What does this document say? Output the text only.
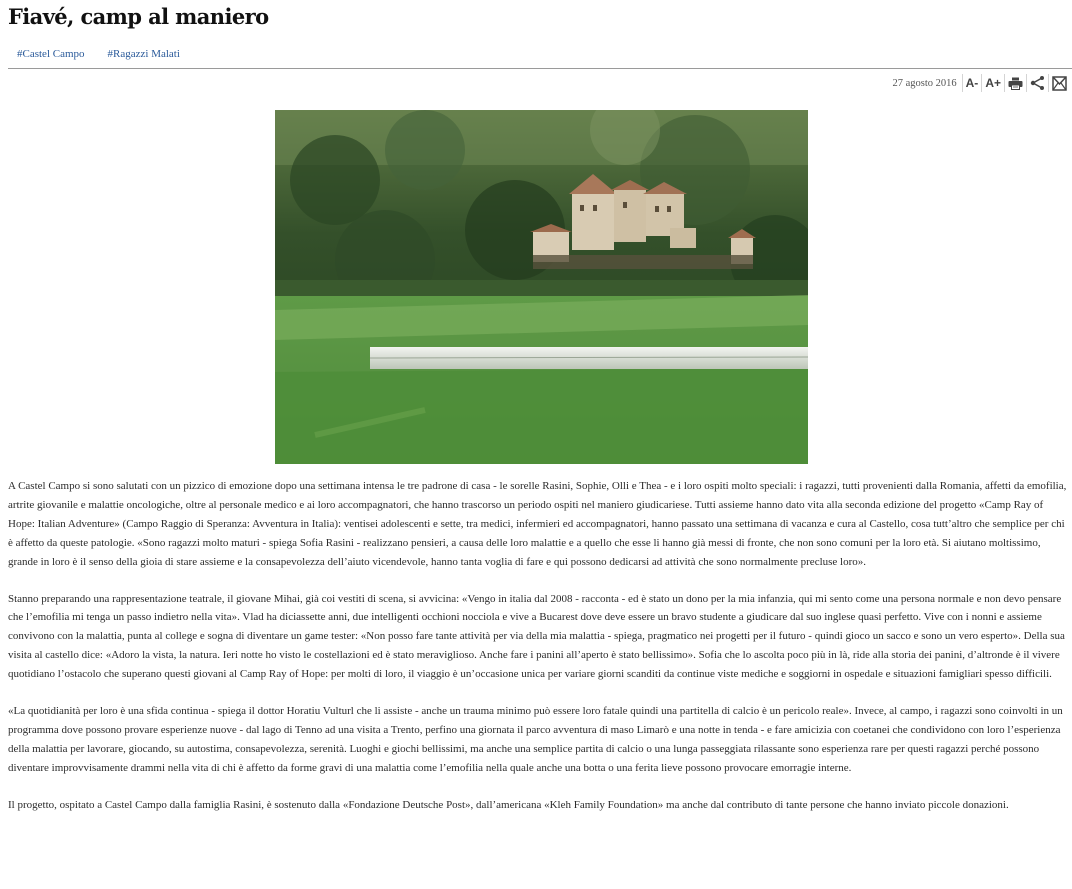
Fiavé, camp al maniero
#Castel Campo #Ragazzi Malati
27 agosto 2016 A- A+

A Castel Campo si sono salutati con un pizzico di emozione dopo una settimana intensa le tre padrone di casa - le sorelle Rasini, Sophie, Olli e Thea - e i loro ospiti molto speciali: i ragazzi, tutti provenienti dalla Romania, affetti da emofilia, artrite giovanile e malattie oncologiche, oltre al personale medico e ai loro accompagnatori, che hanno trascorso un periodo ospiti nel maniero giudicariese. Tutti assieme hanno dato vita alla seconda edizione del progetto «Camp Ray of Hope: Italian Adventure» (Campo Raggio di Speranza: Avventura in Italia): ventisei adolescenti e sette, tra medici, infermieri ed accompagnatori, hanno passato una settimana di vacanza e cura al Castello, cosa tutt’altro che semplice per chi è affetto da queste patologie. «Sono ragazzi molto maturi - spiega Sofia Rasini - realizzano pensieri, a causa delle loro malattie e a quello che esse li hanno già messi di fronte, che non sono comuni per la loro età. Si aiutano moltissimo, grande in loro è il senso della gioia di stare assieme e la consapevolezza dell’aiuto vicendevole, hanno tanta voglia di fare e qui possono dedicarsi ad attività che sono normalmente precluse loro».

Stanno preparando una rappresentazione teatrale, il giovane Mihai, già coi vestiti di scena, si avvicina: «Vengo in italia dal 2008 - racconta - ed è stato un dono per la mia infanzia, qui mi sento come una persona normale e non devo pensare che l’emofilia mi tenga un passo indietro nella vita». Vlad ha diciassette anni, due intelligenti occhioni nocciola e vive a Bucarest dove deve essere un bravo studente a giudicare dal suo inglese quasi perfetto. Vive con i nonni e assieme convivono con la malattia, punta al college e sogna di diventare un game tester: «Non posso fare tante attività per via della mia malattia - spiega, pragmatico nei progetti per il futuro - quindi gioco un sacco e sono un vero esperto». Della sua visita al castello dice: «Adoro la vista, la natura. Ieri notte ho visto le costellazioni ed è stato meraviglioso. Anche fare i panini all’aperto è stato bellissimo». Sofia che lo ascolta poco più in là, ride alla storia dei panini, d’altronde è il vivere quotidiano l’ostacolo che superano questi giovani al Camp Ray of Hope: per molti di loro, il viaggio è un’occasione unica per variare giorni scanditi da continue viste mediche e soggiorni in ospedale e situazioni famigliari spesso difficili.

«La quotidianità per loro è una sfida continua - spiega il dottor Horatiu Vulturl che li assiste - anche un trauma minimo può essere loro fatale quindi una partitella di calcio è un pericolo reale». Invece, al campo, i ragazzi sono coinvolti in un programma dove possono provare esperienze nuove - dal lago di Tenno ad una visita a Trento, perfino una giornata il parco avventura di maso Limarò e una notte in tenda - e fare amicizia con coetanei che condividono con loro l’esperienza della malattia per lavorare, giocando, su autostima, consapevolezza, serenità. Luoghi e giochi bellissimi, ma anche una semplice partita di calcio o una lunga passeggiata rilassante sono esperienza rare per questi ragazzi perché possono diventare improvvisamente drammi nella vita di chi è affetto da forme gravi di una malattia come l’emofilia nella quale anche una botta o una ferita lieve possono provocare emorragie interne.

Il progetto, ospitato a Castel Campo dalla famiglia Rasini, è sostenuto dalla «Fondazione Deutsche Post», dall’americana «Kleh Family Foundation» ma anche dal contributo di tante persone che hanno inviato piccole donazioni.
